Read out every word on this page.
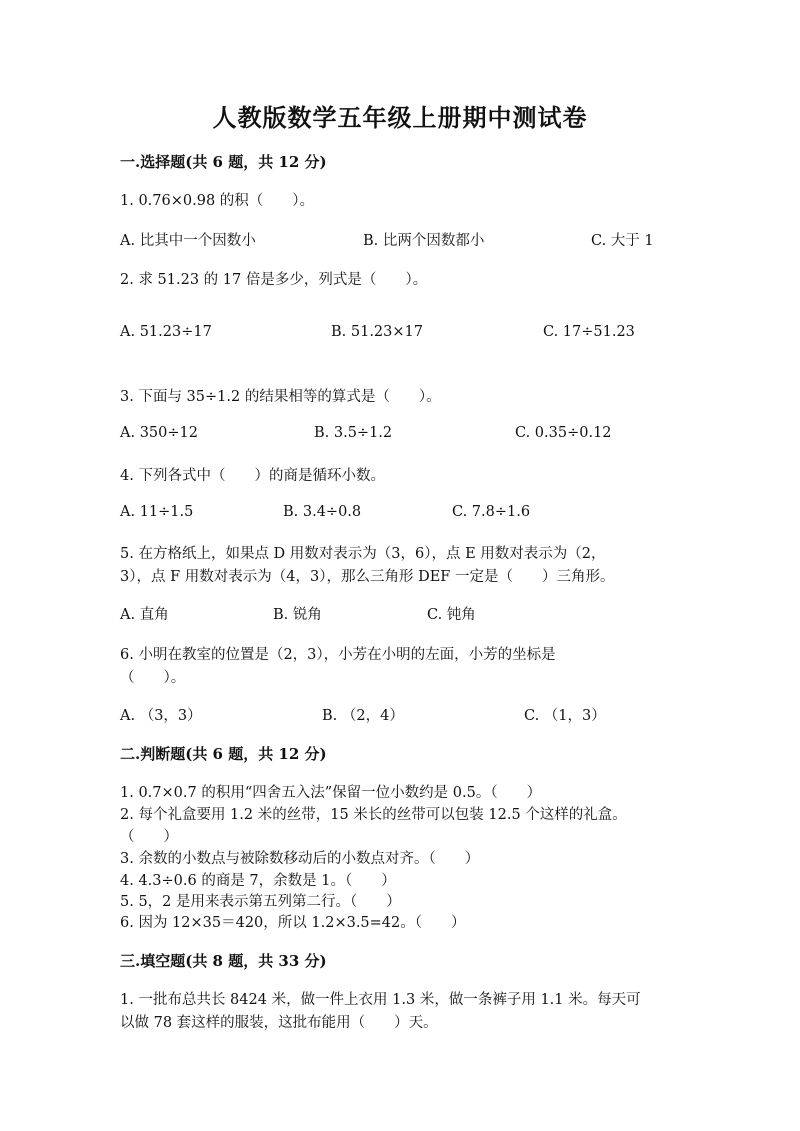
人教版数学五年级上册期中测试卷
一.选择题(共 6 题，共 12 分)
1. 0.76×0.98 的积（　　）。
A. 比其中一个因数小	B. 比两个因数都小	C. 大于 1
2. 求 51.23 的 17 倍是多少，列式是（　　）。
A. 51.23÷17	B. 51.23×17	C. 17÷51.23
3. 下面与 35÷1.2 的结果相等的算式是（　　）。
A. 350÷12	B. 3.5÷1.2	C. 0.35÷0.12
4. 下列各式中（　　）的商是循环小数。
A. 11÷1.5	B. 3.4÷0.8	C. 7.8÷1.6
5. 在方格纸上，如果点 D 用数对表示为（3，6），点 E 用数对表示为（2，
3），点 F 用数对表示为（4，3），那么三角形 DEF 一定是（　　）三角形。
A. 直角	B. 锐角	C. 钝角
6. 小明在教室的位置是（2，3），小芳在小明的左面，小芳的坐标是
（　　）。
A. （3，3）	B. （2，4）	C. （1，3）
二.判断题(共 6 题，共 12 分)
1. 0.7×0.7 的积用“四舍五入法”保留一位小数约是 0.5。（　　）
2. 每个礼盒要用 1.2 米的丝带，15 米长的丝带可以包装 12.5 个这样的礼盒。
（　　）
3. 余数的小数点与被除数移动后的小数点对齐。（　　）
4. 4.3÷0.6 的商是 7，余数是 1。（　　）
5. 5，2 是用来表示第五列第二行。（　　）
6. 因为 12×35＝420，所以 1.2×3.5=42。（　　）
三.填空题(共 8 题，共 33 分)
1. 一批布总共长 8424 米，做一件上衣用 1.3 米，做一条裤子用 1.1 米。每天可
以做 78 套这样的服装，这批布能用（　　）天。
